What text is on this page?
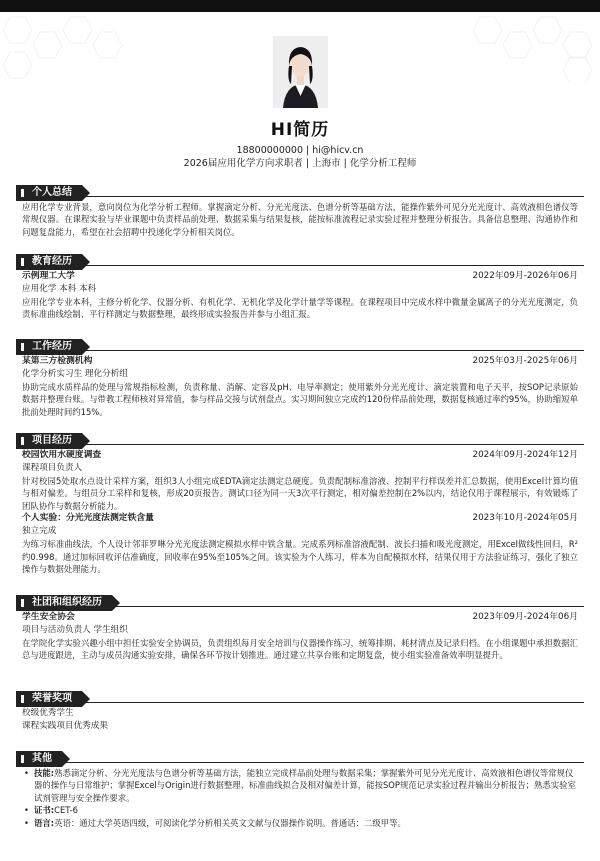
HI简历
18800000000 | hi@hicv.cn
2026届应用化学方向求职者 | 上海市 | 化学分析工程师
个人总结
应用化学专业背景，意向岗位为化学分析工程师。掌握滴定分析、分光光度法、色谱分析等基础方法，能操作紫外可见分光光度计、高效液相色谱仪等常规仪器。在课程实验与毕业课题中负责样品前处理、数据采集与结果复核，能按标准流程记录实验过程并整理分析报告。具备信息整理、沟通协作和问题复盘能力，希望在社会招聘中投递化学分析相关岗位。
教育经历
示例理工大学	2022年09月-2026年06月
应用化学 本科 本科
应用化学专业本科，主修分析化学、仪器分析、有机化学、无机化学及化学计量学等课程。在课程项目中完成水样中微量金属离子的分光光度测定，负责标准曲线绘制、平行样测定与数据整理，最终形成实验报告并参与小组汇报。
工作经历
某第三方检测机构	2025年03月-2025年06月
化学分析实习生 理化分析组
协助完成水质样品的处理与常规指标检测，负责称量、消解、定容及pH、电导率测定；使用紫外分光光度计、滴定装置和电子天平，按SOP记录原始数据并整理台账。与带教工程师核对异常值，参与样品交接与试剂盘点。实习期间独立完成约120份样品前处理，数据复核通过率约95%，协助缩短单批前处理时间约15%。
项目经历
校园饮用水硬度调查	2024年09月-2024年12月
课程项目负责人
针对校园5处取水点设计采样方案，组织3人小组完成EDTA滴定法测定总硬度。负责配制标准溶液、控制平行样误差并汇总数据，使用Excel计算均值与相对偏差。与组员分工采样和复核，形成20页报告。测试口径为同一天3次平行测定，相对偏差控制在2%以内，结论仅用于课程展示，有效锻炼了团队协作与数据分析能力。
个人实验：分光光度法测定铁含量	2023年10月-2024年05月
独立完成
为练习标准曲线法，个人设计邻菲罗啉分光光度法测定模拟水样中铁含量。完成系列标准溶液配制、波长扫描和吸光度测定，用Excel做线性回归，R²约0.998。通过加标回收评估准确度，回收率在95%至105%之间。该实验为个人练习，样本为自配模拟水样，结果仅用于方法验证练习，强化了独立操作与数据处理能力。
社团和组织经历
学生安全协会	2023年09月-2024年06月
项目与活动负责人 学生组织
在学院化学实验兴趣小组中担任实验安全协调员，负责组织每月安全培训与仪器操作练习，统筹排期、耗材清点及记录归档。在小组课题中承担数据汇总与进度跟进，主动与成员沟通实验安排，确保各环节按计划推进。通过建立共享台账和定期复盘，使小组实验准备效率明显提升。
荣誉奖项
校级优秀学生
课程实践项目优秀成果
其他
• 技能:熟悉滴定分析、分光光度法与色谱分析等基础方法，能独立完成样品前处理与数据采集；掌握紫外可见分光光度计、高效液相色谱仪等常规仪器的操作与日常维护；掌握Excel与Origin进行数据整理、标准曲线拟合及相对偏差计算，能按SOP规范记录实验过程并输出分析报告；熟悉实验室试剂管理与安全操作要求。
• 证书:CET-6
• 语言:英语：通过大学英语四级，可阅读化学分析相关英文文献与仪器操作说明。普通话：二级甲等。
